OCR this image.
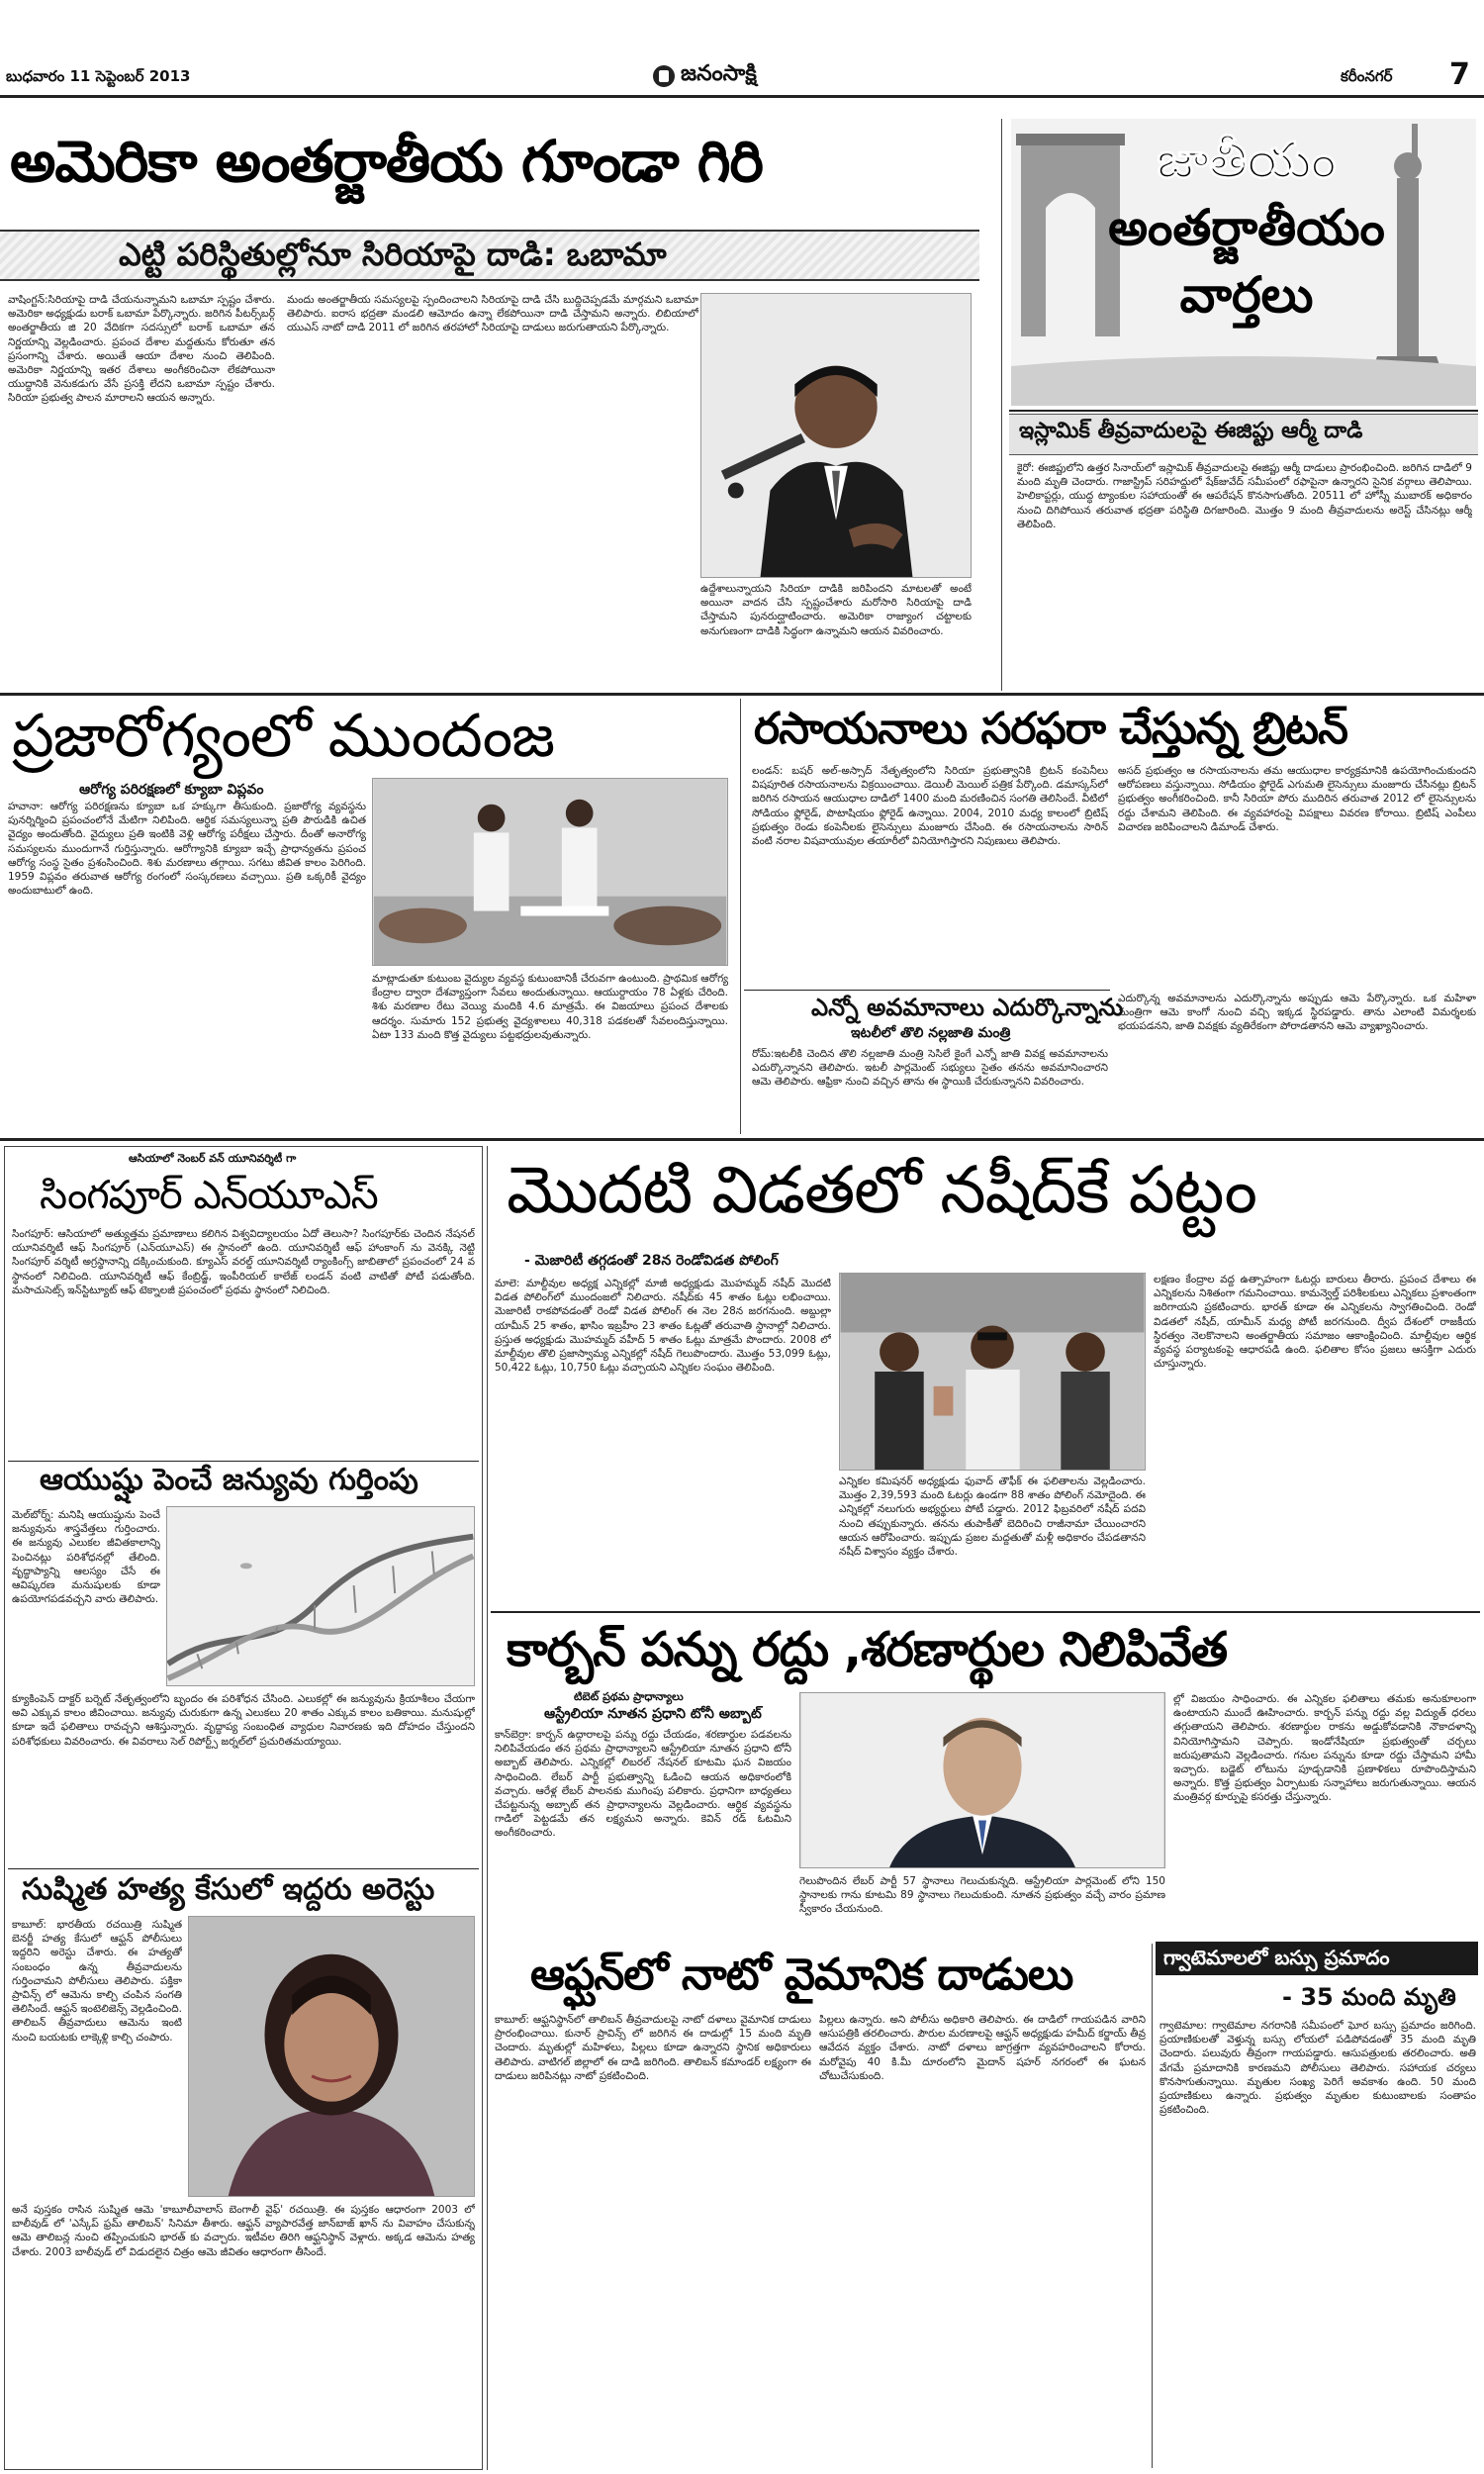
బుధవారం 11 సెప్టెంబర్ 2013	జనంసాక్షి	కరీంనగర్ 7
అమెరికా అంతర్జాతీయ గూండా గిరి
ఎట్టి పరిస్థితుల్లోనూ సిరియాపై దాడి: ఒబామా
వాషింగ్టన్‌:సిరియాపై దాడి చేయనున్నామని ఒబామా స్పష్టం చేశారు. అమెరికా అధ్యక్షుడు బరాక్‌ ఒబామా పేర్కొన్నారు. జరిగిన పీటర్స్‌బర్గ్‌ అంతర్జాతీయ జి 20 వేదికగా సదస్సులో బరాక్‌ ఒబామా తన నిర్ణయాన్ని వెల్లడించారు. ప్రపంచ దేశాల మద్దతును కోరుతూ తన ప్రసంగాన్ని చేశారు. అయితే ఆయా దేశాల నుంచి తెలిపింది. అమెరికా నిర్ణయాన్ని ఇతర దేశాలు అంగీకరించినా లేకపోయినా యుద్ధానికి వెనుకడుగు వేసే ప్రసక్తి లేదని ఒబామా స్పష్టం చేశారు. సిరియా ప్రభుత్వ పాలన మారాలని ఆయన అన్నారు.
మందు అంతర్జాతీయ సమస్యలపై స్పందించాలని సిరియాపై దాడి చేసి బుద్దిచెప్పడమే మార్గమని ఒబామా తెలిపారు. ఐరాస భద్రతా మండలి ఆమోదం ఉన్నా లేకపోయినా దాడి చేస్తామని అన్నారు. లిబియాలో యుఎస్‌ నాటో దాడి 2011 లో జరిగిన తరహాలో సిరియాపై దాడులు జరుగుతాయని పేర్కొన్నారు.
ఉద్దేశాలున్నాయని సిరియా దాడికి జరిపిందని మాటలతో అంటే అయినా వాదన చేసి స్పష్టంచేశారు మరోసారి సిరియాపై దాడి చేస్తామని పునరుద్ఘాటించారు. అమెరికా రాజ్యాంగ చట్టాలకు అనుగుణంగా దాడికి సిద్ధంగా ఉన్నామని ఆయన వివరించారు.
జాతీయం
అంతర్జాతీయం
వార్తలు
ఇస్లామిక్‌ తీవ్రవాదులపై ఈజిప్టు ఆర్మీ దాడి
కైరో: ఈజిప్టులోని ఉత్తర సినాయ్‌లో ఇస్లామిక్‌ తీవ్రవాదులపై ఈజిప్టు ఆర్మీ దాడులు ప్రారంభించింది. జరిగిన దాడిలో 9 మంది మృతి చెందారు. గాజాస్ట్రిప్‌ సరిహద్దులో షేక్‌జువేద్‌ సమీపంలో రఫాపైనా ఉన్నారని సైనిక వర్గాలు తెలిపాయి. హెలికాప్టర్లు, యుద్ధ ట్యాంకుల సహాయంతో ఈ ఆపరేషన్‌ కొనసాగుతోంది. 20511 లో హోస్నీ ముబారక్‌ అధికారం నుంచి దిగిపోయిన తరువాత భద్రతా పరిస్థితి దిగజారింది. మొత్తం 9 మంది తీవ్రవాదులను అరెస్ట్‌ చేసినట్లు ఆర్మీ తెలిపింది.
ప్రజారోగ్యంలో ముందంజ
ఆరోగ్య పరిరక్షణలో క్యూబా విప్లవం
హవానా: ఆరోగ్య పరిరక్షణను క్యూబా ఒక హక్కుగా తీసుకుంది. ప్రజారోగ్య వ్యవస్థను పునర్నిర్మించి ప్రపంచంలోనే మేటిగా నిలిపింది. ఆర్థిక సమస్యలున్నా ప్రతి పౌరుడికి ఉచిత వైద్యం అందుతోంది. వైద్యులు ప్రతి ఇంటికి వెళ్లి ఆరోగ్య పరీక్షలు చేస్తారు. దీంతో అనారోగ్య సమస్యలను ముందుగానే గుర్తిస్తున్నారు. ఆరోగ్యానికి క్యూబా ఇచ్చే ప్రాధాన్యతను ప్రపంచ ఆరోగ్య సంస్థ సైతం ప్రశంసించింది. శిశు మరణాలు తగ్గాయి. సగటు జీవిత కాలం పెరిగింది. 1959 విప్లవం తరువాత ఆరోగ్య రంగంలో సంస్కరణలు వచ్చాయి. ప్రతి ఒక్కరికీ వైద్యం అందుబాటులో ఉంది.
మాట్లాడుతూ కుటుంబ వైద్యుల వ్యవస్థ కుటుంబానికీ చేరువగా ఉంటుంది. ప్రాథమిక ఆరోగ్య కేంద్రాల ద్వారా దేశవ్యాప్తంగా సేవలు అందుతున్నాయి. ఆయుర్దాయం 78 ఏళ్లకు చేరింది. శిశు మరణాల రేటు వెయ్యి మందికి 4.6 మాత్రమే. ఈ విజయాలు ప్రపంచ దేశాలకు ఆదర్శం. సుమారు 152 ప్రభుత్వ వైద్యశాలలు 40,318 పడకలతో సేవలందిస్తున్నాయి. ఏటా 133 మంది కొత్త వైద్యులు పట్టభద్రులవుతున్నారు.
రసాయనాలు సరఫరా చేస్తున్న బ్రిటన్‌
లండన్‌: బషర్‌ అల్‌-అస్సాద్‌ నేతృత్వంలోని సిరియా ప్రభుత్వానికి బ్రిటన్‌ కంపెనీలు విషపూరిత రసాయనాలను విక్రయించాయి. డెయిలీ మెయిల్‌ పత్రిక పేర్కొంది. డమాస్కస్‌లో జరిగిన రసాయన ఆయుధాల దాడిలో 1400 మంది మరణించిన సంగతి తెలిసిందే. వీటిలో సోడియం ఫ్లోరైడ్‌, పొటాషియం ఫ్లోరైడ్‌ ఉన్నాయి. 2004, 2010 మధ్య కాలంలో బ్రిటిష్‌ ప్రభుత్వం రెండు కంపెనీలకు లైసెన్సులు మంజూరు చేసింది. ఈ రసాయనాలను సారిన్‌ వంటి నరాల విషవాయువుల తయారీలో వినియోగిస్తారని నిపుణులు తెలిపారు.
అసద్‌ ప్రభుత్వం ఆ రసాయనాలను తమ ఆయుధాల కార్యక్రమానికి ఉపయోగించుకుందని ఆరోపణలు వస్తున్నాయి. సోడియం ఫ్లోరైడ్‌ ఎగుమతి లైసెన్సులు మంజూరు చేసినట్లు బ్రిటన్‌ ప్రభుత్వం అంగీకరించింది. కానీ సిరియా పోరు ముదిరిన తరువాత 2012 లో లైసెన్సులను రద్దు చేశామని తెలిపింది. ఈ వ్యవహారంపై విపక్షాలు వివరణ కోరాయి. బ్రిటిష్‌ ఎంపీలు విచారణ జరిపించాలని డిమాండ్‌ చేశారు.
ఎన్నో అవమానాలు ఎదుర్కొన్నాను
ఇటలీలో తొలి నల్లజాతి మంత్రి
రోమ్‌:ఇటలీకి చెందిన తొలి నల్లజాతి మంత్రి సెసిలే కైంగే ఎన్నో జాతి వివక్ష అవమానాలను ఎదుర్కొన్నానని తెలిపారు. ఇటలీ పార్లమెంట్‌ సభ్యులు సైతం తనను అవమానించారని ఆమె తెలిపారు. ఆఫ్రికా నుంచి వచ్చిన తాను ఈ స్థాయికి చేరుకున్నానని వివరించారు.
ఎదుర్కొన్న అవమానాలను ఎదుర్కొన్నాను అప్పుడు ఆమె పేర్కొన్నారు. ఒక మహిళా మంత్రిగా ఆమె కాంగో నుంచి వచ్చి ఇక్కడ స్థిరపడ్డారు. తాను ఎలాంటి విమర్శలకు భయపడనని, జాతి వివక్షకు వ్యతిరేకంగా పోరాడతానని ఆమె వ్యాఖ్యానించారు.
ఆసియాలో నెంబర్‌ వన్‌ యూనివర్శిటీ గా
సింగపూర్‌ ఎన్‌యూఎస్‌
సింగపూర్‌: ఆసియాలో అత్యుత్తమ ప్రమాణాలు కలిగిన విశ్వవిద్యాలయం ఏదో తెలుసా? సింగపూర్‌కు చెందిన నేషనల్‌ యూనివర్శిటీ ఆఫ్‌ సింగపూర్‌ (ఎన్‌యూఎస్‌) ఈ స్థానంలో ఉంది. యూనివర్శిటీ ఆఫ్‌ హాంకాంగ్‌ ను వెనక్కి నెట్టి సింగపూర్‌ వర్శిటీ అగ్రస్థానాన్ని దక్కించుకుంది. క్యూఎస్‌ వరల్డ్‌ యూనివర్శిటీ ర్యాంకింగ్స్‌ జాబితాలో ప్రపంచంలో 24 వ స్థానంలో నిలిచింది. యూనివర్శిటీ ఆఫ్‌ కేంబ్రిడ్జ్‌, ఇంపీరియల్‌ కాలేజ్‌ లండన్‌ వంటి వాటితో పోటీ పడుతోంది. మసాచుసెట్స్‌ ఇన్‌స్టిట్యూట్‌ ఆఫ్‌ టెక్నాలజీ ప్రపంచంలో ప్రథమ స్థానంలో నిలిచింది.
ఆయుష్షు పెంచే జన్యువు గుర్తింపు
మెల్‌బోర్న్‌: మనిషి ఆయుష్షును పెంచే జన్యువును శాస్త్రవేత్తలు గుర్తించారు. ఈ జన్యువు ఎలుకల జీవితకాలాన్ని పెంచినట్లు పరిశోధనల్లో తేలింది. వృద్ధాప్యాన్ని ఆలస్యం చేసే ఈ ఆవిష్కరణ మనుషులకు కూడా ఉపయోగపడవచ్చని వారు తెలిపారు.
క్యూకింపెన్‌ దాక్టర్‌ బర్నెట్‌ నేతృత్వంలోని బృందం ఈ పరిశోధన చేసింది. ఎలుకల్లో ఈ జన్యువును క్రియాశీలం చేయగా అవి ఎక్కువ కాలం జీవించాయి. జన్యువు చురుకుగా ఉన్న ఎలుకలు 20 శాతం ఎక్కువ కాలం బతికాయి. మనుషుల్లో కూడా ఇదే ఫలితాలు రావచ్చని ఆశిస్తున్నారు. వృద్ధాప్య సంబంధిత వ్యాధుల నివారణకు ఇది దోహదం చేస్తుందని పరిశోధకులు వివరించారు. ఈ వివరాలు సెల్‌ రిపోర్ట్స్‌ జర్నల్‌లో ప్రచురితమయ్యాయి.
సుష్మిత హత్య కేసులో ఇద్దరు అరెస్టు
కాబూల్‌: భారతీయ రచయిత్రి సుష్మిత బెనర్జీ హత్య కేసులో ఆఫ్ఘన్‌ పోలీసులు ఇద్దరిని అరెస్టు చేశారు. ఈ హత్యతో సంబంధం ఉన్న తీవ్రవాదులను గుర్తించామని పోలీసులు తెలిపారు. పక్తికా ప్రావిన్స్‌ లో ఆమెను కాల్చి చంపిన సంగతి తెలిసిందే. ఆఫ్ఘన్‌ ఇంటెలిజెన్స్‌ వెల్లడించింది. తాలిబన్‌ తీవ్రవాదులు ఆమెను ఇంటి నుంచి బయటకు లాక్కెళ్లి కాల్చి చంపారు.
అనే పుస్తకం రాసిన సుష్మిత ఆమె 'కాబూలీవాలాస్‌ బెంగాలీ వైఫ్‌' రచయిత్రి. ఈ పుస్తకం ఆధారంగా 2003 లో బాలీవుడ్‌ లో 'ఎస్కేప్‌ ఫ్రమ్‌ తాలిబన్‌' సినిమా తీశారు. ఆఫ్ఘన్‌ వ్యాపారవేత్త జాన్‌బాజ్‌ ఖాన్‌ ను వివాహం చేసుకున్న ఆమె తాలిబన్ల నుంచి తప్పించుకుని భారత్‌ కు వచ్చారు. ఇటీవల తిరిగి ఆఫ్ఘనిస్థాన్‌ వెళ్లారు. అక్కడ ఆమెను హత్య చేశారు. 2003 బాలీవుడ్‌ లో విడుదలైన చిత్రం ఆమె జీవితం ఆధారంగా తీసిందే.
మొదటి విడతలో నషీద్‌కే పట్టం
- మెజారిటీ తగ్గడంతో 28న రెండోవిడత పోలింగ్‌
మాలె: మాల్దీవుల అధ్యక్ష ఎన్నికల్లో మాజీ అధ్యక్షుడు మొహమ్మద్‌ నషీద్‌ మొదటి విడత పోలింగ్‌లో ముందంజలో నిలిచారు. నషీద్‌కు 45 శాతం ఓట్లు లభించాయి. మెజారిటీ రాకపోవడంతో రెండో విడత పోలింగ్‌ ఈ నెల 28న జరగనుంది. అబ్దుల్లా యామీన్‌ 25 శాతం, ఖాసిం ఇబ్రహీం 23 శాతం ఓట్లతో తరువాతి స్థానాల్లో నిలిచారు. ప్రస్తుత అధ్యక్షుడు మొహమ్మద్‌ వహీద్‌ 5 శాతం ఓట్లు మాత్రమే పొందారు. 2008 లో మాల్దీవుల తొలి ప్రజాస్వామ్య ఎన్నికల్లో నషీద్‌ గెలుపొందారు. మొత్తం 53,099 ఓట్లు, 50,422 ఓట్లు, 10,750 ఓట్లు వచ్చాయని ఎన్నికల సంఘం తెలిపింది.
ఎన్నికల కమిషనర్‌ అధ్యక్షుడు ఫువాద్‌ తౌఫీక్‌ ఈ ఫలితాలను వెల్లడించారు. మొత్తం 2,39,593 మంది ఓటర్లు ఉండగా 88 శాతం పోలింగ్‌ నమోదైంది. ఈ ఎన్నికల్లో నలుగురు అభ్యర్థులు పోటీ పడ్డారు. 2012 ఫిబ్రవరిలో నషీద్‌ పదవి నుంచి తప్పుకున్నారు. తనను తుపాకీతో బెదిరించి రాజీనామా చేయించారని ఆయన ఆరోపించారు. ఇప్పుడు ప్రజల మద్దతుతో మళ్లీ అధికారం చేపడతానని నషీద్‌ విశ్వాసం వ్యక్తం చేశారు.
లక్షణం కేంద్రాల వద్ద ఉత్సాహంగా ఓటర్లు బారులు తీరారు. ప్రపంచ దేశాలు ఈ ఎన్నికలను నిశితంగా గమనించాయి. కామన్వెల్త్‌ పరిశీలకులు ఎన్నికలు ప్రశాంతంగా జరిగాయని ప్రకటించారు. భారత్‌ కూడా ఈ ఎన్నికలను స్వాగతించింది. రెండో విడతలో నషీద్‌, యామీన్‌ మధ్య పోటీ జరగనుంది. ద్వీప దేశంలో రాజకీయ స్థిరత్వం నెలకొనాలని అంతర్జాతీయ సమాజం ఆకాంక్షించింది. మాల్దీవుల ఆర్థిక వ్యవస్థ పర్యాటకంపై ఆధారపడి ఉంది. ఫలితాల కోసం ప్రజలు ఆసక్తిగా ఎదురు చూస్తున్నారు.
కార్బన్‌ పన్ను రద్దు ,శరణార్థుల నిలిపివేత
టిబెట్‌ ప్రథమ ప్రాధాన్యాలు
ఆస్ట్రేలియా నూతన ప్రధాని టోనీ అబ్బాట్‌
కాన్‌బెర్రా: కార్బన్‌ ఉద్గారాలపై పన్ను రద్దు చేయడం, శరణార్థుల పడవలను నిలిపివేయడం తన ప్రథమ ప్రాధాన్యాలని ఆస్ట్రేలియా నూతన ప్రధాని టోనీ అబ్బాట్‌ తెలిపారు. ఎన్నికల్లో లిబరల్‌ నేషనల్‌ కూటమి ఘన విజయం సాధించింది. లేబర్‌ పార్టీ ప్రభుత్వాన్ని ఓడించి ఆయన అధికారంలోకి వచ్చారు. ఆరేళ్ల లేబర్‌ పాలనకు ముగింపు పలికారు. ప్రధానిగా బాధ్యతలు చేపట్టనున్న అబ్బాట్‌ తన ప్రాధాన్యాలను వెల్లడించారు. ఆర్థిక వ్యవస్థను గాడిలో పెట్టడమే తన లక్ష్యమని అన్నారు. కెవిన్‌ రడ్‌ ఓటమిని అంగీకరించారు.
గెలుపొందిన లేబర్‌ పార్టీ 57 స్థానాలు గెలుచుకున్నది. ఆస్ట్రేలియా పార్లమెంట్‌ లోని 150 స్థానాలకు గాను కూటమి 89 స్థానాలు గెలుచుకుంది. నూతన ప్రభుత్వం వచ్చే వారం ప్రమాణ స్వీకారం చేయనుంది.
ల్లో విజయం సాధించారు. ఈ ఎన్నికల ఫలితాలు తమకు అనుకూలంగా ఉంటాయని ముందే ఊహించారు. కార్బన్‌ పన్ను రద్దు వల్ల విద్యుత్‌ ధరలు తగ్గుతాయని తెలిపారు. శరణార్థుల రాకను అడ్డుకోవడానికి నౌకాదళాన్ని వినియోగిస్తామని చెప్పారు. ఇండోనేషియా ప్రభుత్వంతో చర్చలు జరుపుతామని వెల్లడించారు. గనుల పన్నును కూడా రద్దు చేస్తామని హామీ ఇచ్చారు. బడ్జెట్‌ లోటును పూడ్చడానికి ప్రణాళికలు రూపొందిస్తామని అన్నారు. కొత్త ప్రభుత్వం ఏర్పాటుకు సన్నాహాలు జరుగుతున్నాయి. ఆయన మంత్రివర్గ కూర్పుపై కసరత్తు చేస్తున్నారు.
ఆఫ్ఘన్‌లో నాటో వైమానిక దాడులు
కాబూల్‌: ఆఫ్ఘనిస్థాన్‌లో తాలిబన్‌ తీవ్రవాదులపై నాటో దళాలు వైమానిక దాడులు ప్రారంభించాయి. కునార్‌ ప్రావిన్స్‌ లో జరిగిన ఈ దాడుల్లో 15 మంది మృతి చెందారు. మృతుల్లో మహిళలు, పిల్లలు కూడా ఉన్నారని స్థానిక అధికారులు తెలిపారు. వాటిగల్‌ జిల్లాలో ఈ దాడి జరిగింది. తాలిబన్‌ కమాండర్‌ లక్ష్యంగా ఈ దాడులు జరిపినట్లు నాటో ప్రకటించింది.
పిల్లలు ఉన్నారు. అని పోలీసు అధికారి తెలిపారు. ఈ దాడిలో గాయపడిన వారిని ఆసుపత్రికి తరలించారు. పౌరుల మరణాలపై ఆఫ్ఘన్‌ అధ్యక్షుడు హమీద్‌ కర్జాయ్‌ తీవ్ర ఆవేదన వ్యక్తం చేశారు. నాటో దళాలు జాగ్రత్తగా వ్యవహరించాలని కోరారు. మరోవైపు 40 కి.మీ దూరంలోని మైదాన్‌ షహర్‌ నగరంలో ఈ ఘటన చోటుచేసుకుంది.
గ్వాటెమాలలో బస్సు ప్రమాదం
- 35 మంది మృతి
గ్వాటెమాల: గ్వాటెమాల నగరానికి సమీపంలో ఘోర బస్సు ప్రమాదం జరిగింది. ప్రయాణికులతో వెళ్తున్న బస్సు లోయలో పడిపోవడంతో 35 మంది మృతి చెందారు. పలువురు తీవ్రంగా గాయపడ్డారు. ఆసుపత్రులకు తరలించారు. అతి వేగమే ప్రమాదానికి కారణమని పోలీసులు తెలిపారు. సహాయక చర్యలు కొనసాగుతున్నాయి. మృతుల సంఖ్య పెరిగే అవకాశం ఉంది. 50 మంది ప్రయాణికులు ఉన్నారు. ప్రభుత్వం మృతుల కుటుంబాలకు సంతాపం ప్రకటించింది.
